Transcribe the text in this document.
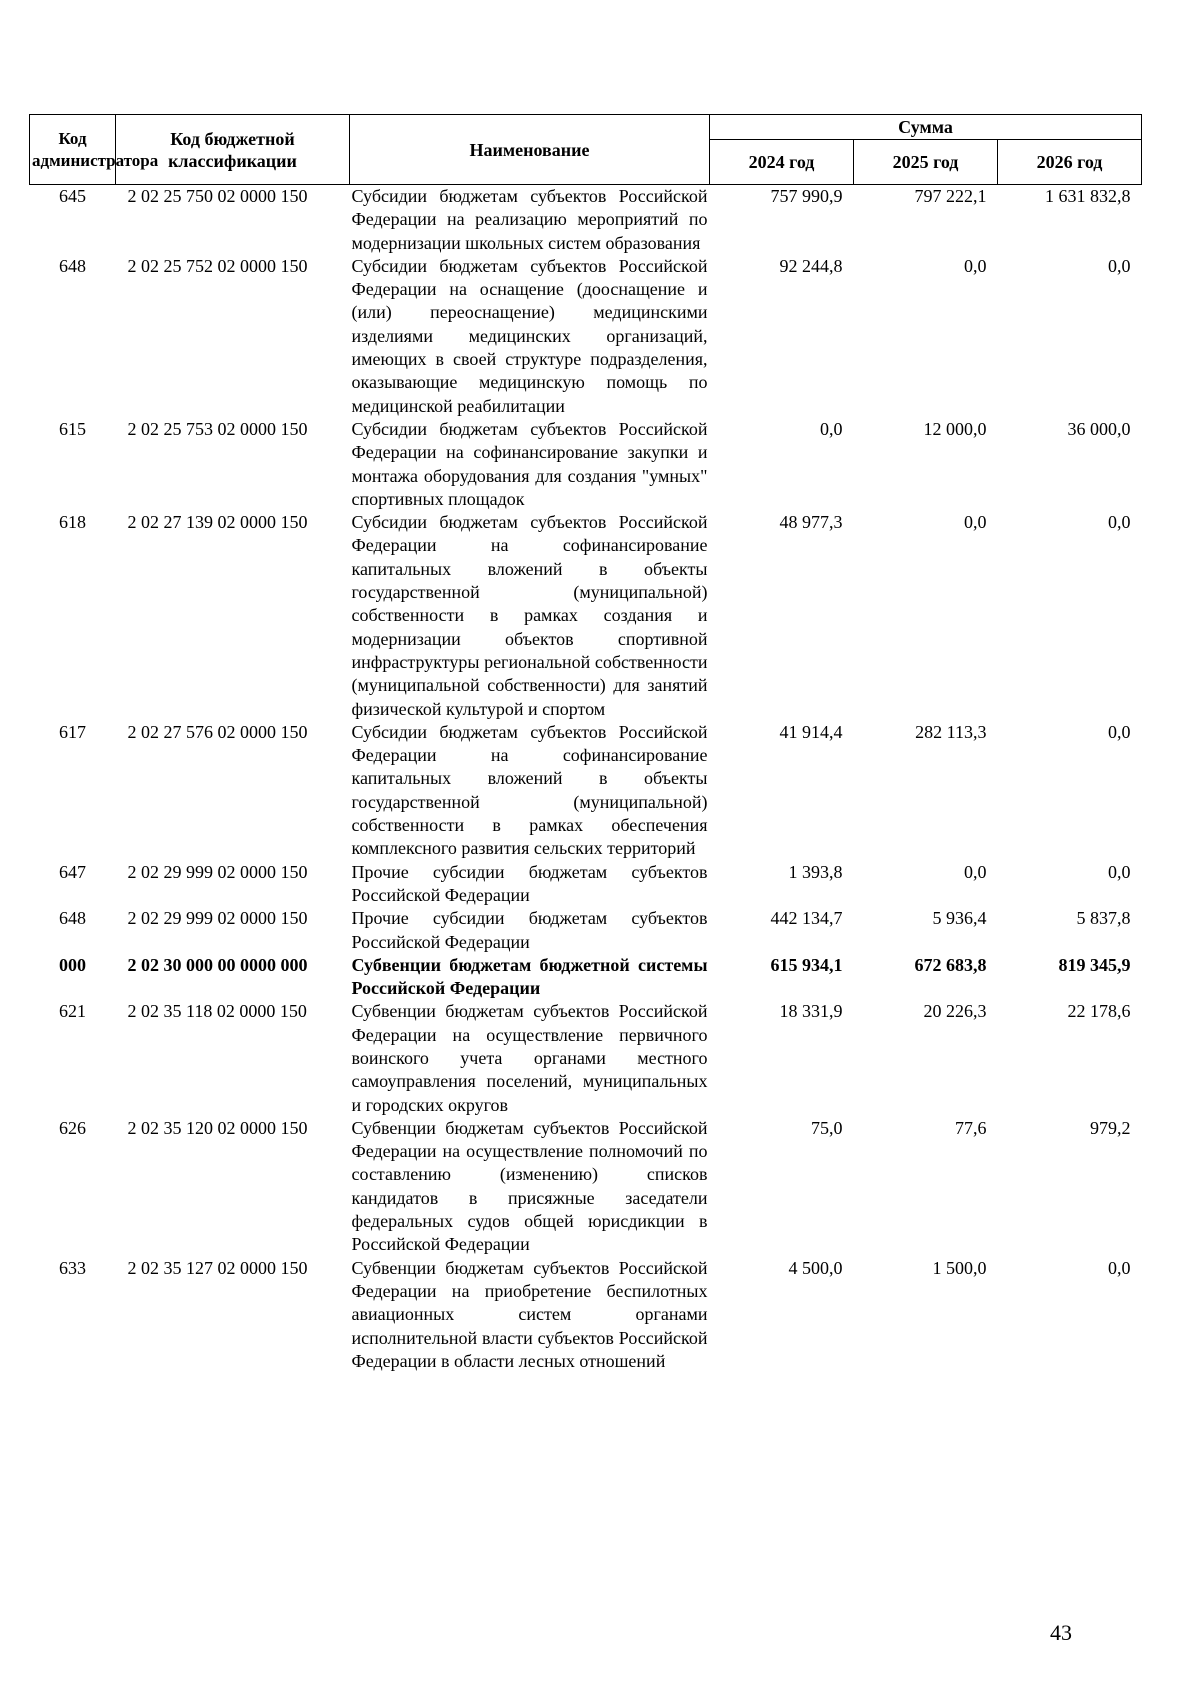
Код администратора	Код бюджетной классификации	Наименование	Сумма		
			2024 год	2025 год	2026 год
645	2 02 25 750 02 0000 150	Субсидии бюджетам субъектов Российской Федерации на реализацию мероприятий по модернизации школьных систем образования	757 990,9	797 222,1	1 631 832,8
648	2 02 25 752 02 0000 150	Субсидии бюджетам субъектов Российской Федерации на оснащение (дооснащение и (или) переоснащение) медицинскими изделиями медицинских организаций, имеющих в своей структуре подразделения, оказывающие медицинскую помощь по медицинской реабилитации	92 244,8	0,0	0,0
615	2 02 25 753 02 0000 150	Субсидии бюджетам субъектов Российской Федерации на софинансирование закупки и монтажа оборудования для создания "умных" спортивных площадок	0,0	12 000,0	36 000,0
618	2 02 27 139 02 0000 150	Субсидии бюджетам субъектов Российской Федерации на софинансирование капитальных вложений в объекты государственной (муниципальной) собственности в рамках создания и модернизации объектов спортивной инфраструктуры региональной собственности (муниципальной собственности) для занятий физической культурой и спортом	48 977,3	0,0	0,0
617	2 02 27 576 02 0000 150	Субсидии бюджетам субъектов Российской Федерации на софинансирование капитальных вложений в объекты государственной (муниципальной) собственности в рамках обеспечения комплексного развития сельских территорий	41 914,4	282 113,3	0,0
647	2 02 29 999 02 0000 150	Прочие субсидии бюджетам субъектов Российской Федерации	1 393,8	0,0	0,0
648	2 02 29 999 02 0000 150	Прочие субсидии бюджетам субъектов Российской Федерации	442 134,7	5 936,4	5 837,8
000	2 02 30 000 00 0000 000	Субвенции бюджетам бюджетной системы Российской Федерации	615 934,1	672 683,8	819 345,9
621	2 02 35 118 02 0000 150	Субвенции бюджетам субъектов Российской Федерации на осуществление первичного воинского учета органами местного самоуправления поселений, муниципальных и городских округов	18 331,9	20 226,3	22 178,6
626	2 02 35 120 02 0000 150	Субвенции бюджетам субъектов Российской Федерации на осуществление полномочий по составлению (изменению) списков кандидатов в присяжные заседатели федеральных судов общей юрисдикции в Российской Федерации	75,0	77,6	979,2
633	2 02 35 127 02 0000 150	Субвенции бюджетам субъектов Российской Федерации на приобретение беспилотных авиационных систем органами исполнительной власти субъектов Российской Федерации в области лесных отношений	4 500,0	1 500,0	0,0
43
